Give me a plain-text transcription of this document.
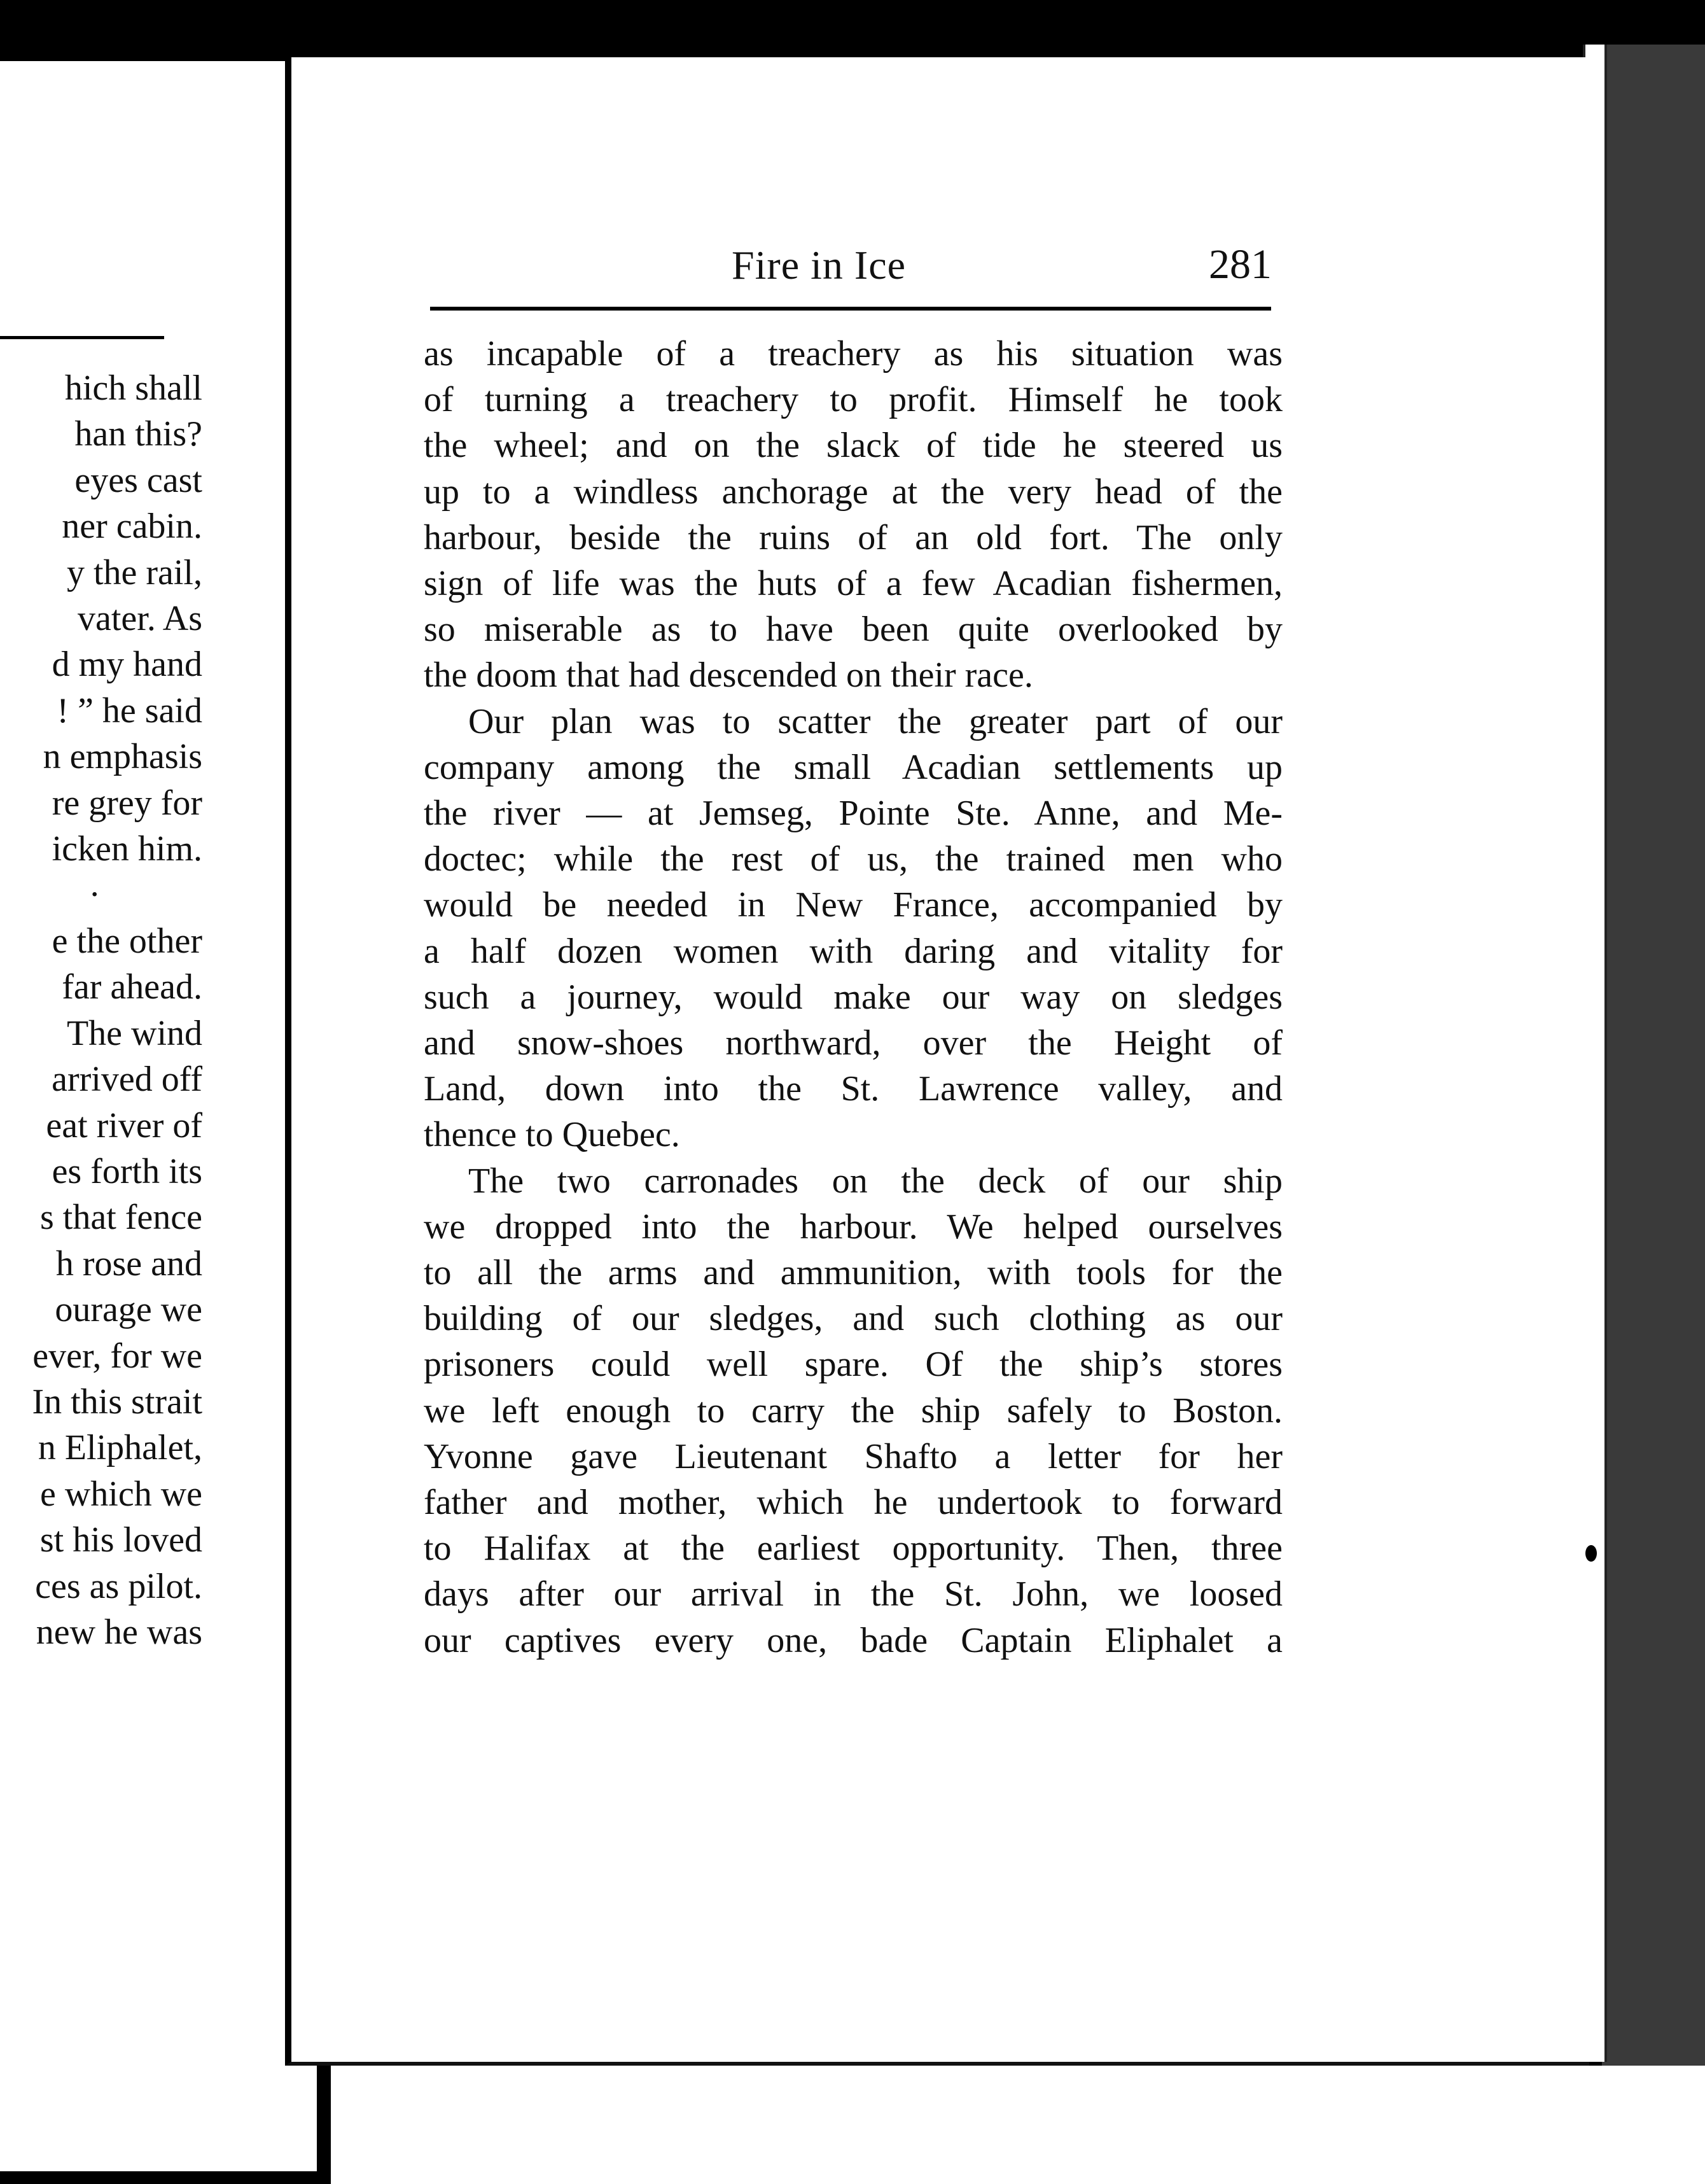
hich shall
han this?
eyes cast
ner cabin.
y the rail,
vater. As
d my hand
! ” he said
n emphasis
re grey for
icken him.
·
e the other
far ahead.
The wind
arrived off
eat river of
es forth its
s that fence
h rose and
ourage we
ever, for we
In this strait
n Eliphalet,
e which we
st his loved
ces as pilot.
new he was
Fire in Ice	281
as incapable of a treachery as his situation was
of turning a treachery to profit. Himself he took
the wheel; and on the slack of tide he steered us
up to a windless anchorage at the very head of the
harbour, beside the ruins of an old fort. The only
sign of life was the huts of a few Acadian fishermen,
so miserable as to have been quite overlooked by
the doom that had descended on their race.
Our plan was to scatter the greater part of our
company among the small Acadian settlements up
the river — at Jemseg, Pointe Ste. Anne, and Me-
doctec; while the rest of us, the trained men who
would be needed in New France, accompanied by
a half dozen women with daring and vitality for
such a journey, would make our way on sledges
and snow-shoes northward, over the Height of
Land, down into the St. Lawrence valley, and
thence to Quebec.
The two carronades on the deck of our ship
we dropped into the harbour. We helped ourselves
to all the arms and ammunition, with tools for the
building of our sledges, and such clothing as our
prisoners could well spare. Of the ship’s stores
we left enough to carry the ship safely to Boston.
Yvonne gave Lieutenant Shafto a letter for her
father and mother, which he undertook to forward
to Halifax at the earliest opportunity. Then, three
days after our arrival in the St. John, we loosed
our captives every one, bade Captain Eliphalet a
